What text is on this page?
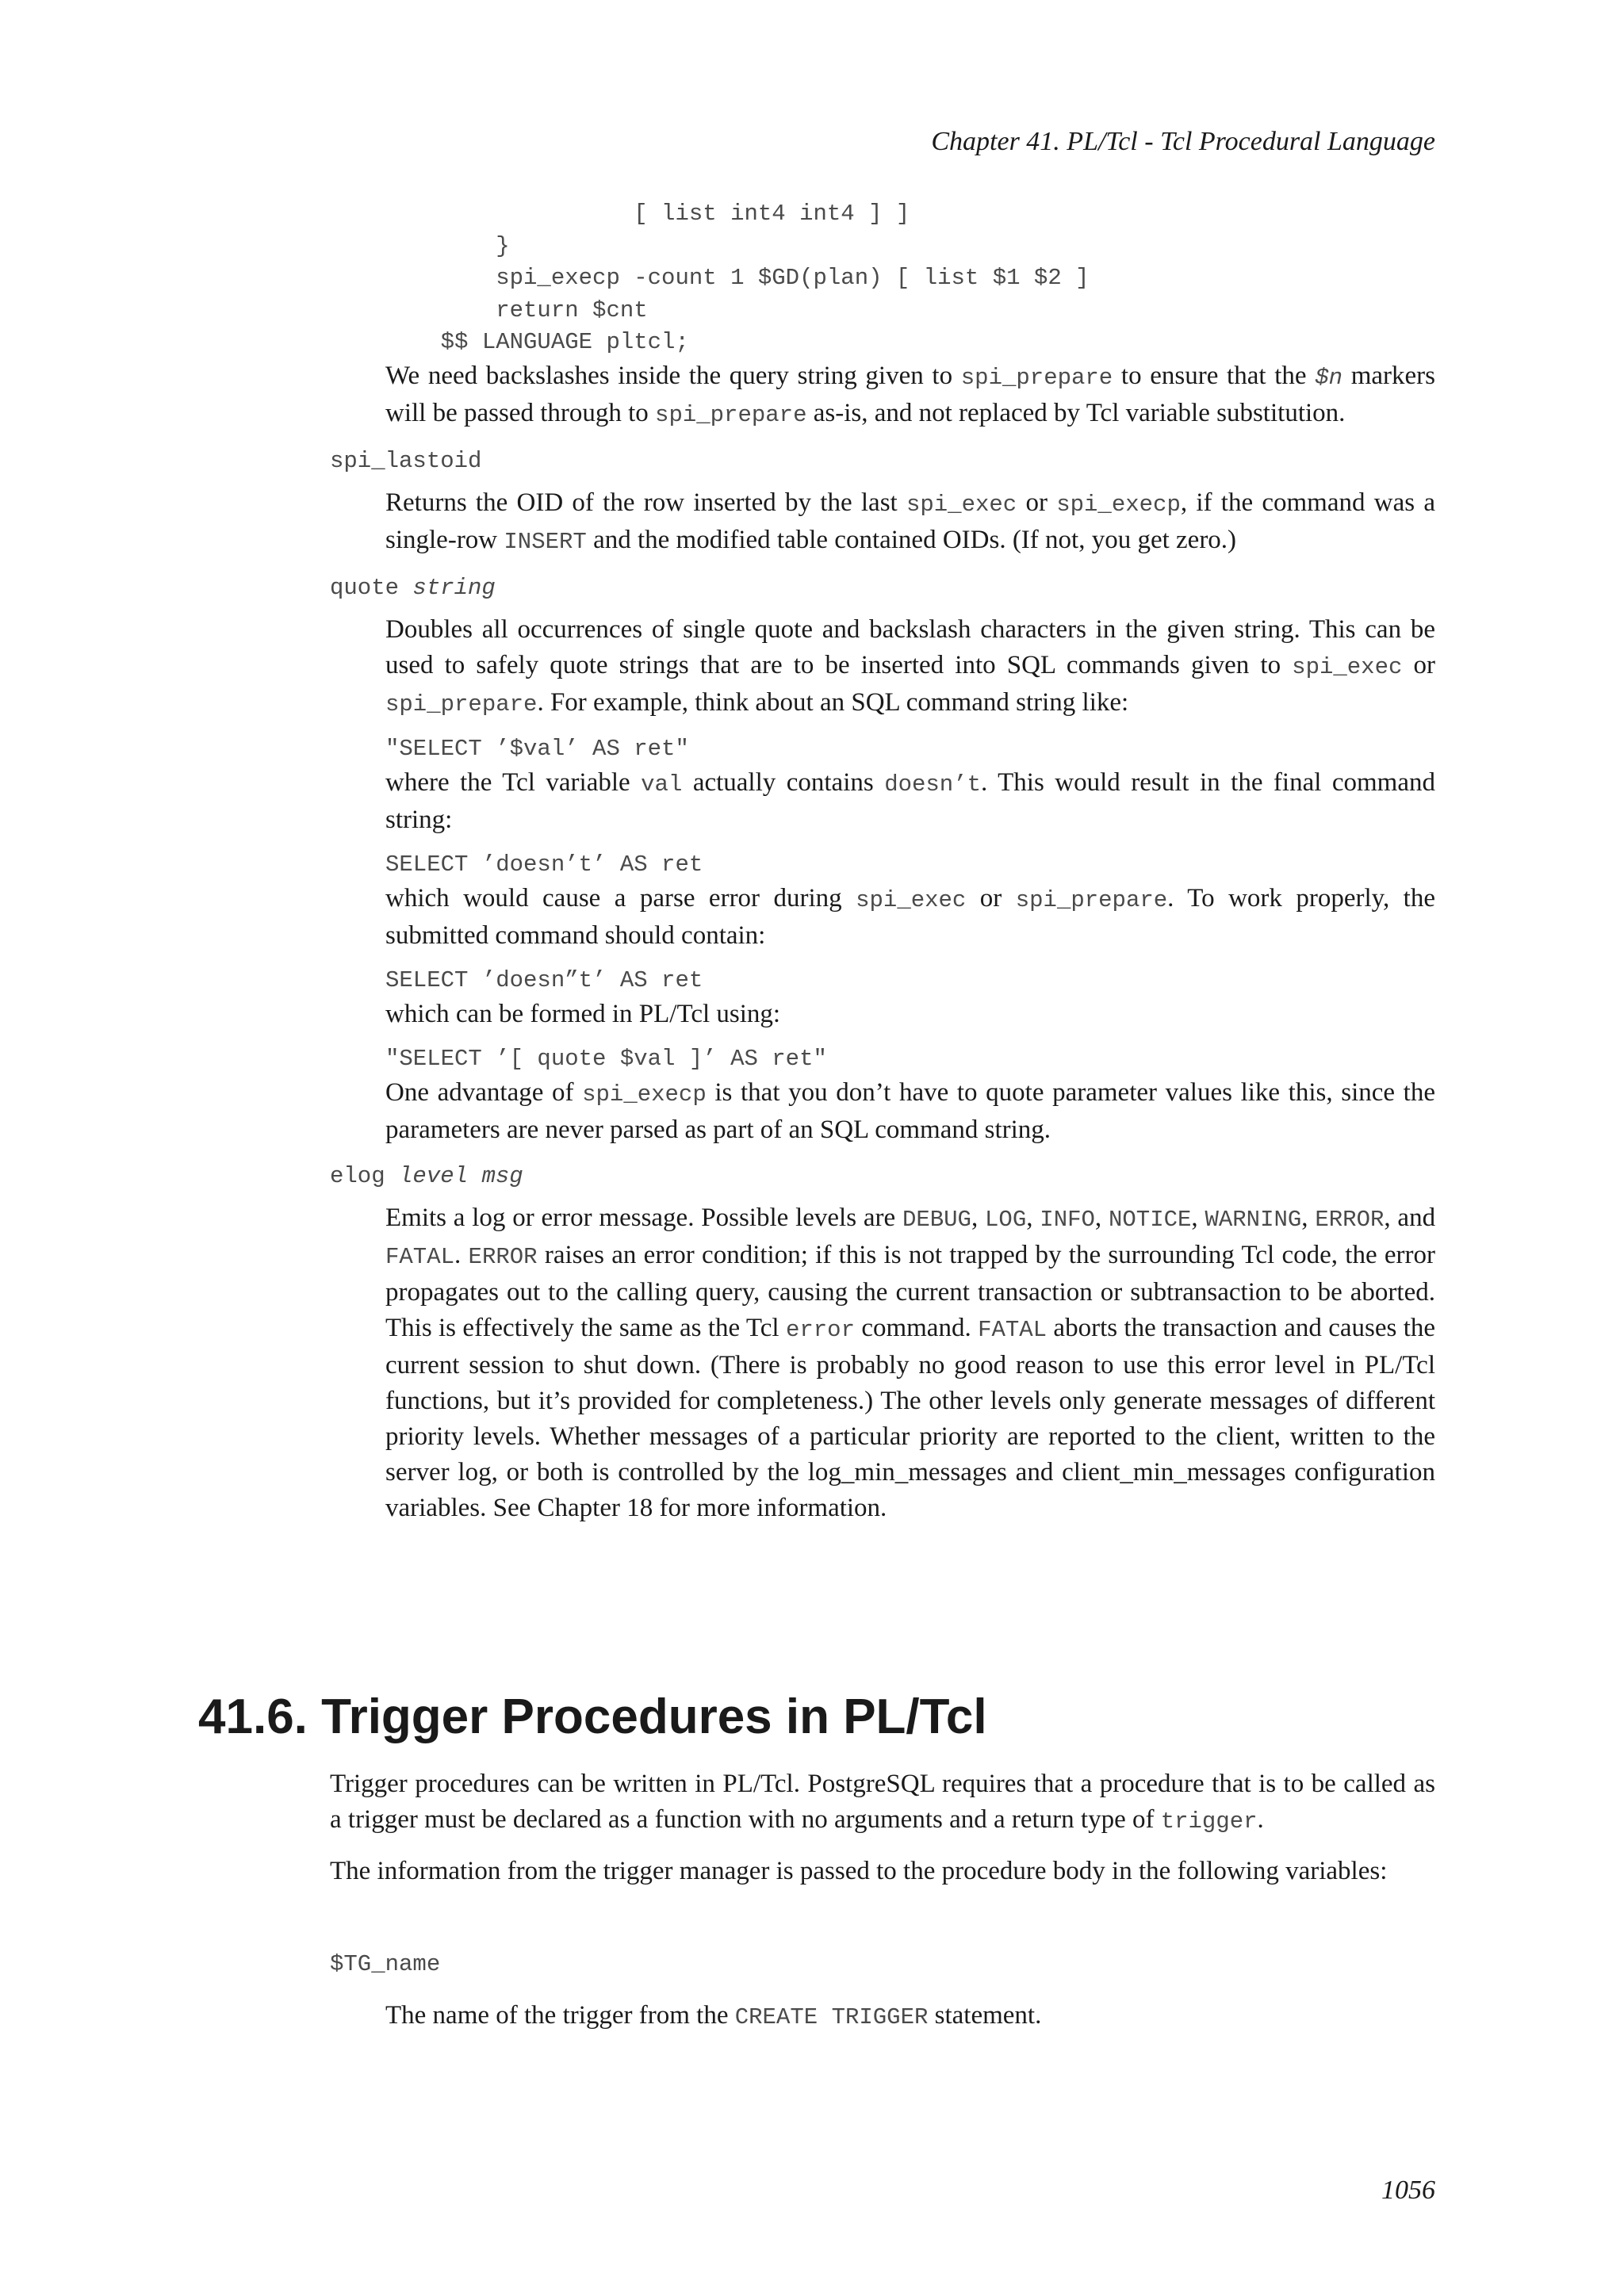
Chapter 41. PL/Tcl - Tcl Procedural Language
[ list int4 int4 ] ]
}
spi_execp -count 1 $GD(plan) [ list $1 $2 ]
return $cnt
$$ LANGUAGE pltcl;

We need backslashes inside the query string given to spi_prepare to ensure that the $n markers will be passed through to spi_prepare as-is, and not replaced by Tcl variable substitution.

spi_lastoid

Returns the OID of the row inserted by the last spi_exec or spi_execp, if the command was a single-row INSERT and the modified table contained OIDs. (If not, you get zero.)

quote string

Doubles all occurrences of single quote and backslash characters in the given string. This can be used to safely quote strings that are to be inserted into SQL commands given to spi_exec or spi_prepare. For example, think about an SQL command string like:

"SELECT ’$val’ AS ret"

where the Tcl variable val actually contains doesn’t. This would result in the final command string:

SELECT ’doesn’t’ AS ret

which would cause a parse error during spi_exec or spi_prepare. To work properly, the submitted command should contain:

SELECT ’doesn”t’ AS ret

which can be formed in PL/Tcl using:

"SELECT ’[ quote $val ]’ AS ret"

One advantage of spi_execp is that you don’t have to quote parameter values like this, since the parameters are never parsed as part of an SQL command string.

elog level msg

Emits a log or error message. Possible levels are DEBUG, LOG, INFO, NOTICE, WARNING, ERROR, and FATAL. ERROR raises an error condition; if this is not trapped by the surrounding Tcl code, the error propagates out to the calling query, causing the current transaction or subtransaction to be aborted. This is effectively the same as the Tcl error command. FATAL aborts the transaction and causes the current session to shut down. (There is probably no good reason to use this error level in PL/Tcl functions, but it’s provided for completeness.) The other levels only generate messages of different priority levels. Whether messages of a particular priority are reported to the client, written to the server log, or both is controlled by the log_min_messages and client_min_messages configuration variables. See Chapter 18 for more information.

41.6. Trigger Procedures in PL/Tcl

Trigger procedures can be written in PL/Tcl. PostgreSQL requires that a procedure that is to be called as a trigger must be declared as a function with no arguments and a return type of trigger.

The information from the trigger manager is passed to the procedure body in the following variables:

$TG_name

The name of the trigger from the CREATE TRIGGER statement.

1056
